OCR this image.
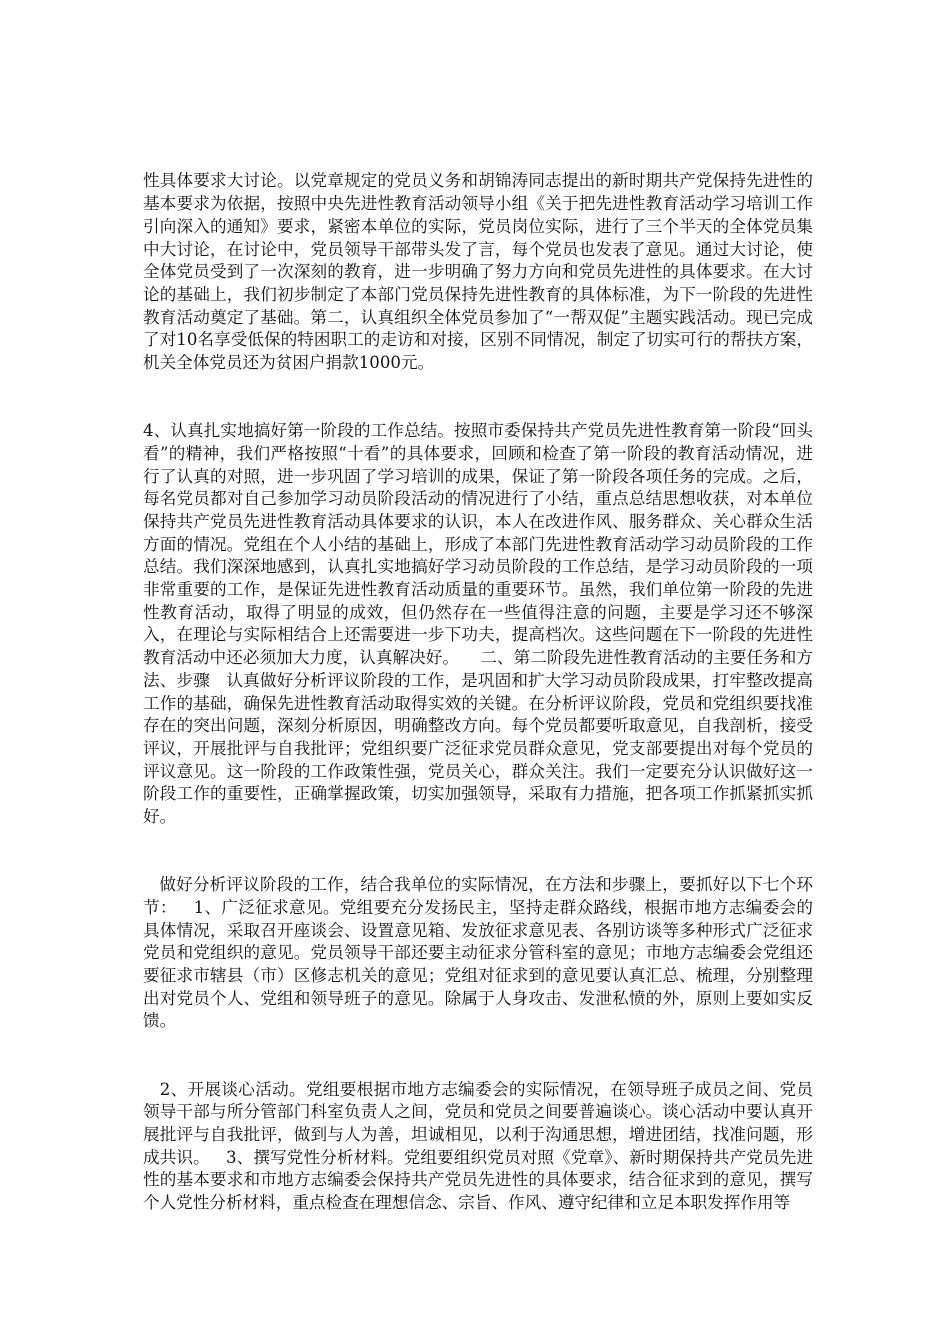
性具体要求大讨论。以党章规定的党员义务和胡锦涛同志提出的新时期共产党保持先进性的基本要求为依据，按照中央先进性教育活动领导小组《关于把先进性教育活动学习培训工作引向深入的通知》要求，紧密本单位的实际，党员岗位实际，进行了三个半天的全体党员集中大讨论，在讨论中，党员领导干部带头发了言，每个党员也发表了意见。通过大讨论，使全体党员受到了一次深刻的教育，进一步明确了努力方向和党员先进性的具体要求。在大讨论的基础上，我们初步制定了本部门党员保持先进性教育的具体标准，为下一阶段的先进性教育活动奠定了基础。第二，认真组织全体党员参加了“一帮双促”主题实践活动。现已完成了对10名享受低保的特困职工的走访和对接，区别不同情况，制定了切实可行的帮扶方案，机关全体党员还为贫困户捐款1000元。

4、认真扎实地搞好第一阶段的工作总结。按照市委保持共产党员先进性教育第一阶段“回头看”的精神，我们严格按照“十看”的具体要求，回顾和检查了第一阶段的教育活动情况，进行了认真的对照，进一步巩固了学习培训的成果，保证了第一阶段各项任务的完成。之后，每名党员都对自己参加学习动员阶段活动的情况进行了小结，重点总结思想收获，对本单位保持共产党员先进性教育活动具体要求的认识，本人在改进作风、服务群众、关心群众生活方面的情况。党组在个人小结的基础上，形成了本部门先进性教育活动学习动员阶段的工作总结。我们深深地感到，认真扎实地搞好学习动员阶段的工作总结，是学习动员阶段的一项非常重要的工作，是保证先进性教育活动质量的重要环节。虽然，我们单位第一阶段的先进性教育活动，取得了明显的成效，但仍然存在一些值得注意的问题，主要是学习还不够深入，在理论与实际相结合上还需要进一步下功夫，提高档次。这些问题在下一阶段的先进性教育活动中还必须加大力度，认真解决好。    二、第二阶段先进性教育活动的主要任务和方法、步骤   认真做好分析评议阶段的工作，是巩固和扩大学习动员阶段成果，打牢整改提高工作的基础，确保先进性教育活动取得实效的关键。在分析评议阶段，党员和党组织要找准存在的突出问题，深刻分析原因，明确整改方向。每个党员都要听取意见，自我剖析，接受评议，开展批评与自我批评；党组织要广泛征求党员群众意见，党支部要提出对每个党员的评议意见。这一阶段的工作政策性强，党员关心，群众关注。我们一定要充分认识做好这一阶段工作的重要性，正确掌握政策，切实加强领导，采取有力措施，把各项工作抓紧抓实抓好。

做好分析评议阶段的工作，结合我单位的实际情况，在方法和步骤上，要抓好以下七个环节：   1、广泛征求意见。党组要充分发扬民主，坚持走群众路线，根据市地方志编委会的具体情况，采取召开座谈会、设置意见箱、发放征求意见表、各别访谈等多种形式广泛征求党员和党组织的意见。党员领导干部还要主动征求分管科室的意见；市地方志编委会党组还要征求市辖县（市）区修志机关的意见；党组对征求到的意见要认真汇总、梳理，分别整理出对党员个人、党组和领导班子的意见。除属于人身攻击、发泄私愤的外，原则上要如实反馈。

2、开展谈心活动。党组要根据市地方志编委会的实际情况，在领导班子成员之间、党员领导干部与所分管部门科室负责人之间，党员和党员之间要普遍谈心。谈心活动中要认真开展批评与自我批评，做到与人为善，坦诚相见，以利于沟通思想，增进团结，找准问题，形成共识。   3、撰写党性分析材料。党组要组织党员对照《党章》、新时期保持共产党员先进性的基本要求和市地方志编委会保持共产党员先进性的具体要求，结合征求到的意见，撰写个人党性分析材料，重点检查在理想信念、宗旨、作风、遵守纪律和立足本职发挥作用等
